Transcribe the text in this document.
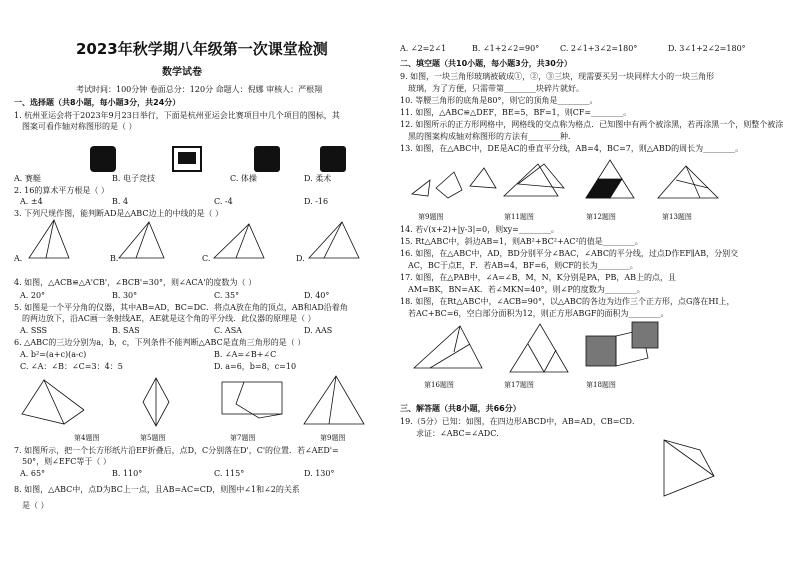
2023年秋学期八年级第一次课堂检测
数学试卷
考试时间：100分钟 卷面总分：120分 命题人：倪娜 审核人：严根翔
一、选择题（共8小题，每小题3分，共24分）
1. 杭州亚运会将于2023年9月23日举行，下面是杭州亚运会比赛项目中几个项目的图标，其
图案可看作轴对称图形的是（ ）
A. 赛艇	B. 电子竞技	C. 体操	D. 柔术
2. 16的算术平方根是（ ）
A. ±4	B. 4	C. -4	D. -16
3. 下列尺规作图，能判断AD是△ABC边上的中线的是（ ）
A.	B.	C.	D.
4. 如图，△ACB≌△A'CB'，∠BCB'=30°，则∠ACA'的度数为（ ）
A. 20°	B. 30°	C. 35°	D. 40°
5. 如图是一个平分角的仪器，其中AB=AD，BC=DC．将点A放在角的顶点，AB和AD沿着角
的两边放下，沿AC画一条射线AE，AE就是这个角的平分线．此仪器的原理是（ ）
A. SSS	B. SAS	C. ASA	D. AAS
6. △ABC的三边分别为a，b，c，下列条件不能判断△ABC是直角三角形的是（ ）
A. b²=(a+c)(a-c)	B. ∠A=∠B+∠C
C. ∠A：∠B：∠C=3：4：5	D. a=6，b=8，c=10
第4题图	第5题图	第7题图	第9题图
7. 如图所示，把一个长方形纸片沿EF折叠后，点D，C分别落在D'，C'的位置．若∠AED'=
50°，则∠EFC等于（ ）
A. 65°	B. 110°	C. 115°	D. 130°
8. 如图，△ABC中，点D为BC上一点，且AB=AC=CD，则图中∠1和∠2的关系
是（ ）
A. ∠2=2∠1	B. ∠1+2∠2=90°	C. 2∠1+3∠2=180°	D. 3∠1+2∠2=180°
二、填空题（共10小题，每小题3分，共30分）
9. 如图，一块三角形玻璃被破成①，②，③三块，现需要买另一块同样大小的一块三角形
玻璃，为了方便，只需带第________块碎片就好。
10. 等腰三角形的底角是80°，则它的顶角是________。
11. 如图，△ABC≌△DEF，BE=5，BF=1，则CF=________。
12. 如图所示的正方形网格中，网格线的交点称为格点．已知图中有两个被涂黑，若再涂黑一个，则整个被涂
黑的图案构成轴对称图形的方法有________种．
13. 如图，在△ABC中，DE是AC的垂直平分线，AB=4，BC=7，则△ABD的周长为________。
第9题图	第11题图	第12题图	第13题图
14. 若√(x+2)+|y-3|=0，则xy=________。
15. Rt△ABC中，斜边AB=1，则AB²+BC²+AC²的值是________。
16. 如图，在△ABC中，AD，BD分别平分∠BAC，∠ABC的平分线，过点D作EF∥AB，分别交
AC，BC于点E，F．若AB=4，BF=6，则CF的长为________。
17. 如图，在△PAB中，∠A=∠B，M，N，K分别是PA，PB，AB上的点，且
AM=BK，BN=AK．若∠MKN=40°，则∠P的度数为________。
18. 如图，在Rt△ABC中，∠ACB=90°，以△ABC的各边为边作三个正方形，点G落在HI上，
若AC+BC=6，空白部分面积为12，则正方形ABGF的面积为________。
第16题图	第17题图	第18题图
三、解答题（共8小题，共66分）
19.（5分）已知：如图，在四边形ABCD中，AB=AD，CB=CD．
求证：∠ABC=∠ADC．
